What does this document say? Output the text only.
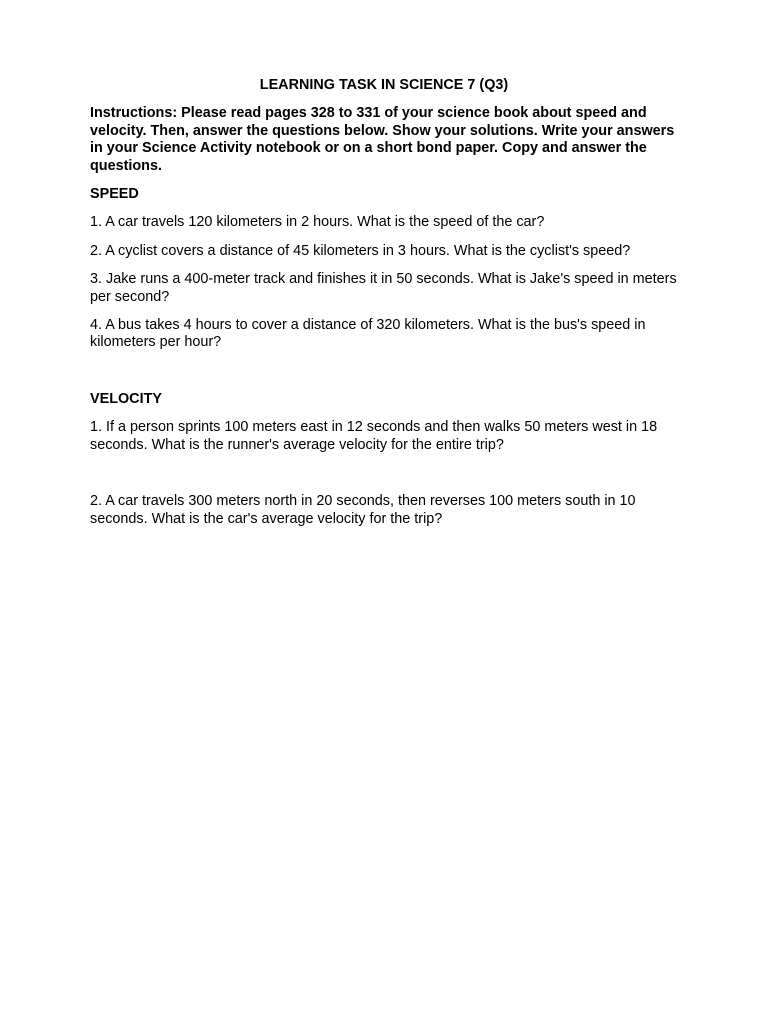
LEARNING TASK IN SCIENCE 7 (Q3)
Instructions: Please read pages 328 to 331 of your science book about speed and velocity. Then, answer the questions below. Show your solutions. Write your answers in your Science Activity notebook or on a short bond paper. Copy and answer the questions.
SPEED
1. A car travels 120 kilometers in 2 hours. What is the speed of the car?
2. A cyclist covers a distance of 45 kilometers in 3 hours. What is the cyclist's speed?
3. Jake runs a 400-meter track and finishes it in 50 seconds. What is Jake's speed in meters per second?
4. A bus takes 4 hours to cover a distance of 320 kilometers. What is the bus's speed in kilometers per hour?
VELOCITY
1. If a person sprints 100 meters east in 12 seconds and then walks 50 meters west in 18 seconds. What is the runner's average velocity for the entire trip?
2. A car travels 300 meters north in 20 seconds, then reverses 100 meters south in 10 seconds. What is the car's average velocity for the trip?
